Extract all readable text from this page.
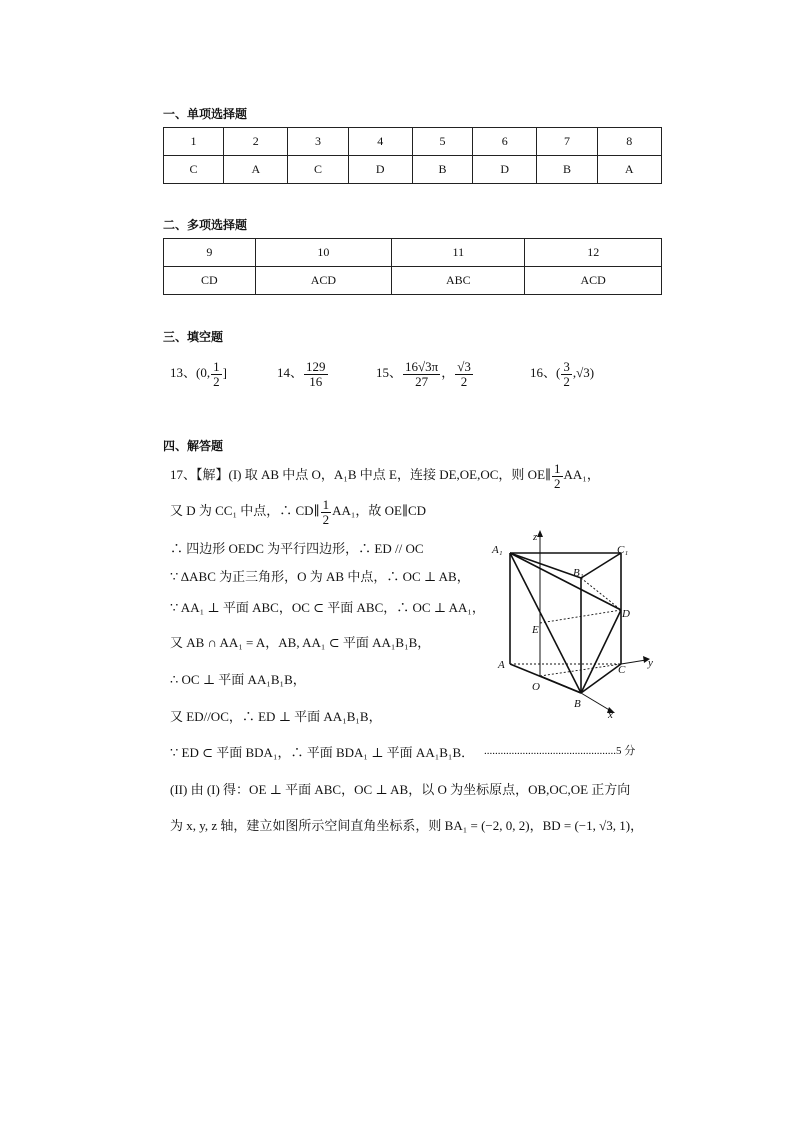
一、单项选择题
1	2	3	4	5	6	7	8
C	A	C	D	B	D	B	A
二、多项选择题
9	10	11	12
CD	ACD	ABC	ACD
三、填空题
13、(0, $\frac{1}{2}$ ]	14、 $\frac{129}{16}$	15、 $\frac{16√3\pi}{27}$ ， $\frac{√3}{2}$	16、( $\frac{3}{2} ,√3$)
四、解答题
17、【解】(I) 取 AB 中点 O，A₁B 中点 E，连接 DE,OE,OC，则 OE∥ $\frac{1}{2} AA_1$，
又 D 为 CC₁ 中点，∴ CD∥ $\frac{1}{2} AA_1$，故 OE∥CD
∴ 四边形 OEDC 为平行四边形，∴ ED // OC
∵ ΔABC 为正三角形，O 为 AB 中点，∴ OC ⊥ AB，
∵ AA₁ ⊥ 平面 ABC，OC ⊂ 平面 ABC，∴ OC ⊥ AA₁，
又 AB ∩ AA₁ = A，AB, AA₁ ⊂ 平面 AA₁B₁B，
∴ OC ⊥ 平面 AA₁B₁B，
又 ED//OC，∴ ED ⊥ 平面 AA₁B₁B，
∵ ED ⊂ 平面 BDA₁，∴ 平面 BDA₁ ⊥ 平面 AA₁B₁B． ................................................5 分
(II) 由 (I) 得：OE ⊥ 平面 ABC，OC ⊥ AB，以 O 为坐标原点，OB,OC,OE 正方向
为 x, y, z 轴，建立如图所示空间直角坐标系，则 BA₁ = (−2, 0, 2)，BD = (−1, √3, 1)，
A₁
B₁
C₁
A
B
C
D
E
O
x
y
z
